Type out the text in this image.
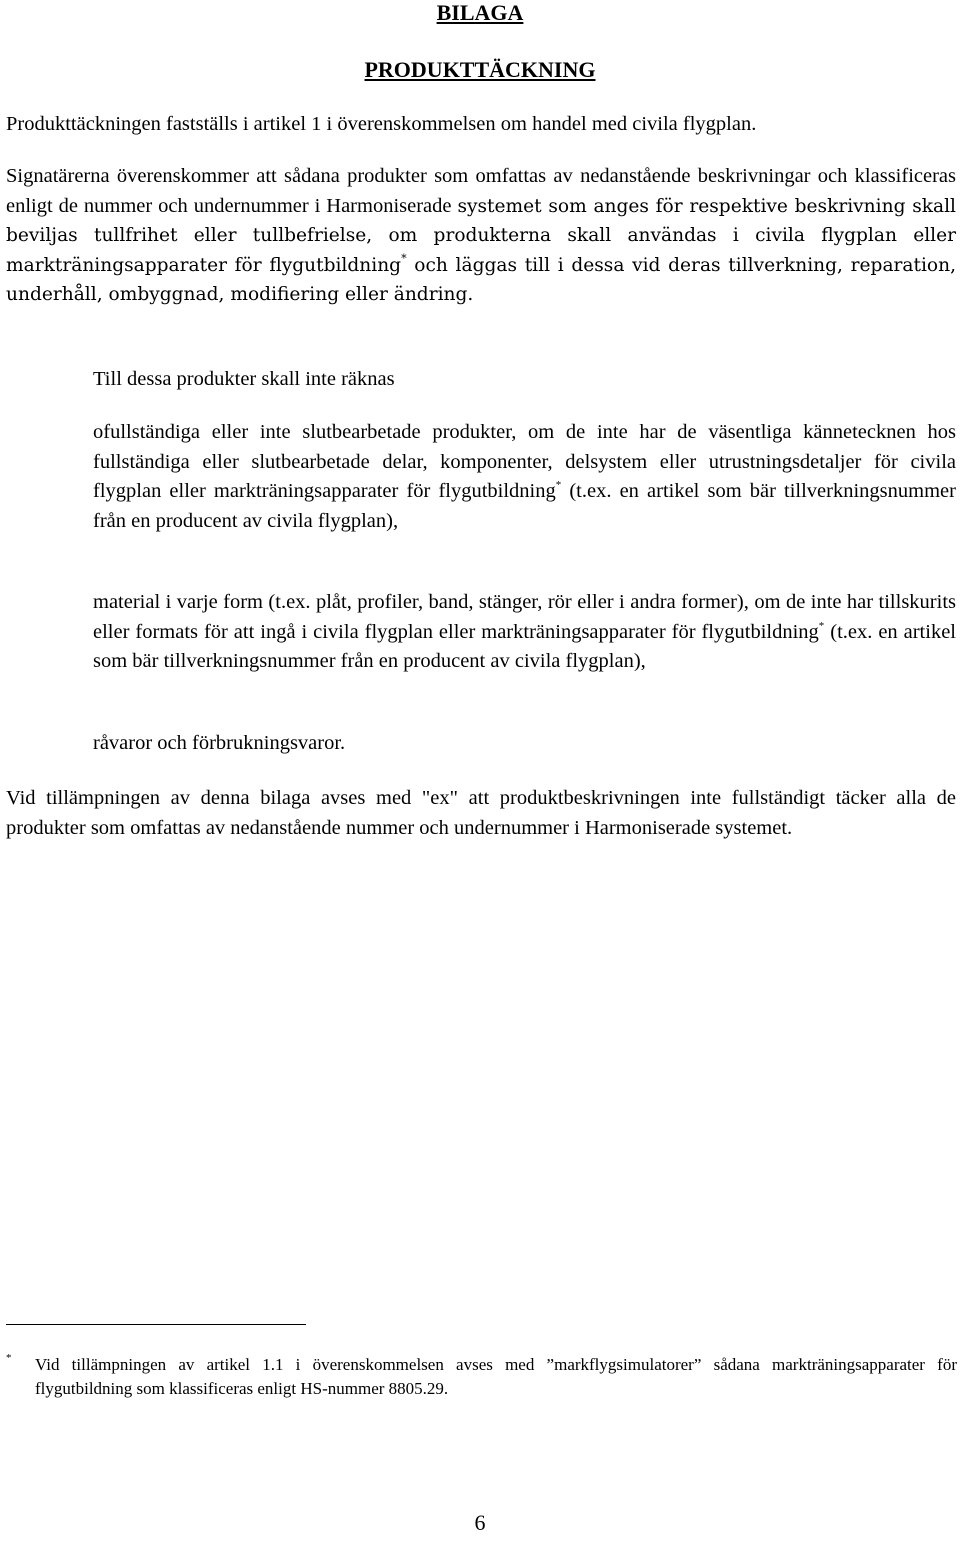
BILAGA
PRODUKTTÄCKNING
Produkttäckningen fastställs i artikel 1 i överenskommelsen om handel med civila flygplan.
Signatärerna överenskommer att sådana produkter som omfattas av nedanstående beskrivningar och klassificeras enligt de nummer och undernummer i Harmoniserade systemet som anges för respektive beskrivning skall beviljas tullfrihet eller tullbefrielse, om produkterna skall användas i civila flygplan eller markträningsapparater för flygutbildning* och läggas till i dessa vid deras tillverkning, reparation, underhåll, ombyggnad, modifiering eller ändring.
Till dessa produkter skall inte räknas
ofullständiga eller inte slutbearbetade produkter, om de inte har de väsentliga kännetecknen hos fullständiga eller slutbearbetade delar, komponenter, delsystem eller utrustningsdetaljer för civila flygplan eller markträningsapparater för flygutbildning* (t.ex. en artikel som bär tillverkningsnummer från en producent av civila flygplan),
material i varje form (t.ex. plåt, profiler, band, stänger, rör eller i andra former), om de inte har tillskurits eller formats för att ingå i civila flygplan eller markträningsapparater för flygutbildning* (t.ex. en artikel som bär tillverkningsnummer från en producent av civila flygplan),
råvaror och förbrukningsvaror.
Vid tillämpningen av denna bilaga avses med "ex" att produktbeskrivningen inte fullständigt täcker alla de produkter som omfattas av nedanstående nummer och undernummer i Harmoniserade systemet.
* Vid tillämpningen av artikel 1.1 i överenskommelsen avses med ”markflygsimulatorer” sådana markträningsapparater för flygutbildning som klassificeras enligt HS-nummer 8805.29.
6
